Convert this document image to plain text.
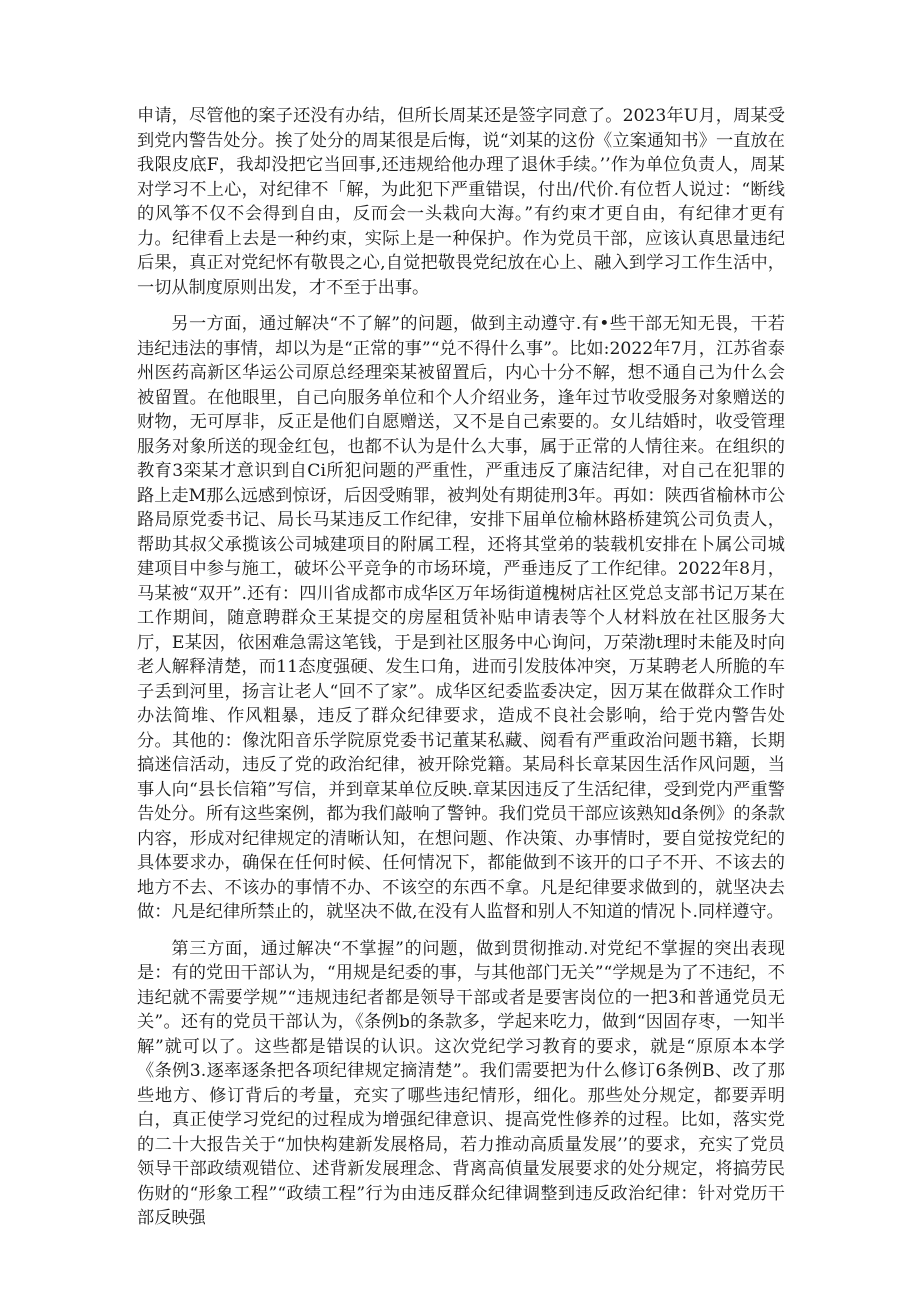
申请，尽管他的案子还没有办结，但所长周某还是签字同意了。2023年U月，周某受到党内警告处分。挨了处分的周某很是后悔，说“刘某的这份《立案通知书》一直放在我限皮底F，我却没把它当回事,还违规给他办理了退休手续。’’作为单位负责人，周某对学习不上心，对纪律不「解，为此犯下严重错误，付出/代价.有位哲人说过：“断线的风筝不仅不会得到自由，反而会一头栽向大海。”有约束才更自由，有纪律才更有力。纪律看上去是一种约束，实际上是一种保护。作为党员干部，应该认真思量违纪后果，真正对党纪怀有敬畏之心,自觉把敬畏党纪放在心上、融入到学习工作生活中，一切从制度原则出发，才不至于出事。

另一方面，通过解决“不了解”的问题，做到主动遵守.有•些干部无知无畏，干若违纪违法的事情，却以为是“正常的事”“兑不得什么事”。比如:2022年7月，江苏省泰州医药高新区华运公司原总经理栾某被留置后，内心十分不解，想不通自己为什么会被留置。在他眼里，自己向服务单位和个人介绍业务，逢年过节收受服务对象赠送的财物，无可厚非，反正是他们自愿赠送，又不是自己索要的。女儿结婚时，收受管理服务对象所送的现金红包，也都不认为是什么大事，属于正常的人情往来。在组织的教育3栾某才意识到自Ci所犯问题的严重性，严重违反了廉洁纪律，对自己在犯罪的路上走M那么远感到惊讶，后因受贿罪，被判处有期徒刑3年。再如：陕西省榆林市公路局原党委书记、局长马某违反工作纪律，安排下届单位榆林路桥建筑公司负责人，帮助其叔父承揽该公司城建项目的附属工程，还将其堂弟的装载机安排在卜属公司城建项目中参与施工，破坏公平竞争的市场环境，严垂违反了工作纪律。2022年8月，马某被“双开”.还有：四川省成都市成华区万年场街道槐树店社区党总支部书记万某在工作期间，随意聘群众王某提交的房屋租赁补贴申请表等个人材料放在社区服务大厅，E某因，依困难急需这笔钱，于是到社区服务中心询问，万荣渤t理时未能及时向老人解释清楚，而11态度强硬、发生口角，进而引发肢体冲突，万某聘老人所脆的车子丢到河里，扬言让老人“回不了家”。成华区纪委监委决定，因万某在做群众工作时办法简堆、作风粗暴，违反了群众纪律要求，造成不良社会影响，给于党内警告处分。其他的：像沈阳音乐学院原党委书记董某私藏、阅看有严重政治问题书籍，长期搞迷信活动，违反了党的政治纪律，被开除党籍。某局科长章某因生活作风问题，当事人向“县长信箱”写信，并到章某单位反映.章某因违反了生活纪律，受到党内严重警告处分。所有这些案例，都为我们敲响了警钟。我们党员干部应该熟知d条例》的条款内容，形成对纪律规定的清晰认知，在想问题、作决策、办事情时，要自觉按党纪的具体要求办，确保在任何时候、任何情况下，都能做到不该开的口子不开、不该去的地方不去、不该办的事情不办、不该空的东西不拿。凡是纪律要求做到的，就坚决去做：凡是纪律所禁止的，就坚决不做,在没有人监督和别人不知道的情况卜.同样遵守。

第三方面，通过解决“不掌握”的问题，做到贯彻推动.对党纪不掌握的突出表现是：有的党田干部认为，“用规是纪委的事，与其他部门无关”“学规是为了不违纪，不违纪就不需要学规”“违规违纪者都是领导干部或者是要害岗位的一把3和普通党员无关”。还有的党员干部认为，《条例b的条款多，学起来吃力，做到“因固存枣，一知半解”就可以了。这些都是错误的认识。这次党纪学习教育的要求，就是“原原本本学《条例3.逐率逐条把各项纪律规定摘清楚”。我们需要把为什么修订6条例B、改了那些地方、修订背后的考量，充实了哪些违纪情形，细化。那些处分规定，都要弄明白，真正使学习党纪的过程成为增强纪律意识、提高党性修养的过程。比如，落实党的二十大报告关于“加快构建新发展格局，若力推动高质量发展’’的要求，充实了党员领导干部政绩观错位、述背新发展理念、背离高偵量发展要求的处分规定，将搞劳民伤财的“形象工程”“政绩工程”行为由违反群众纪律调整到违反政治纪律：针对党历干部反映强
